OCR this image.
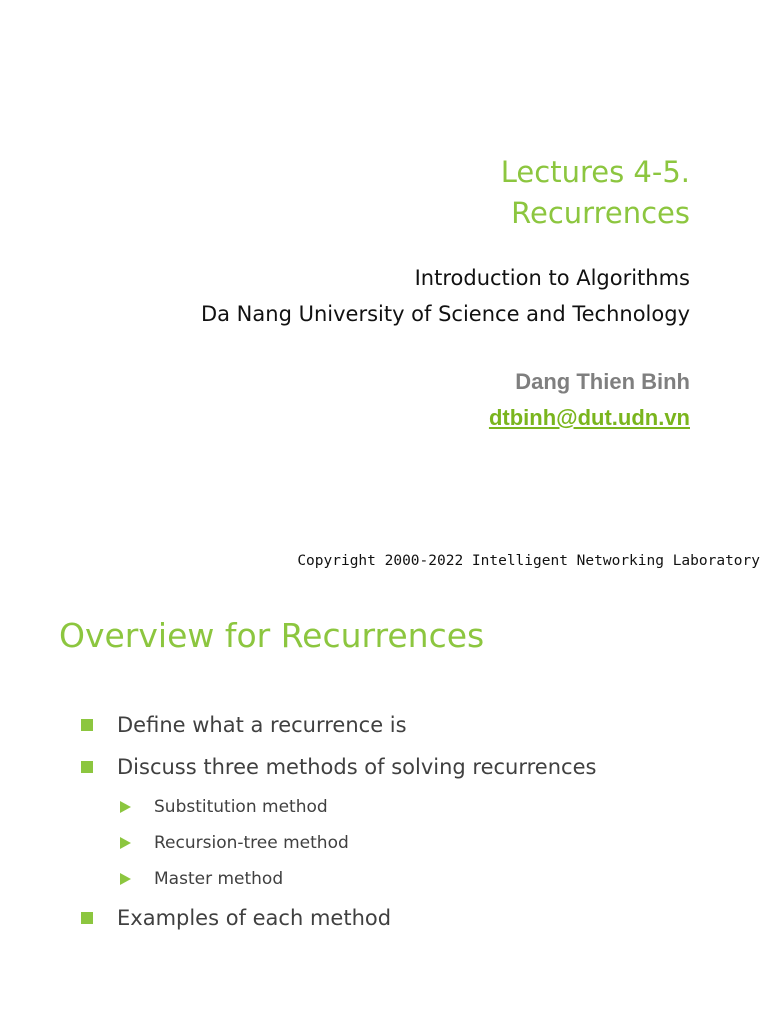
Lectures 4-5.
Recurrences
Introduction to Algorithms
Da Nang University of Science and Technology
Dang Thien Binh
dtbinh@dut.udn.vn
Copyright 2000-2022 Intelligent Networking Laboratory
Overview for Recurrences
Define what a recurrence is
Discuss three methods of solving recurrences
Substitution method
Recursion-tree method
Master method
Examples of each method
